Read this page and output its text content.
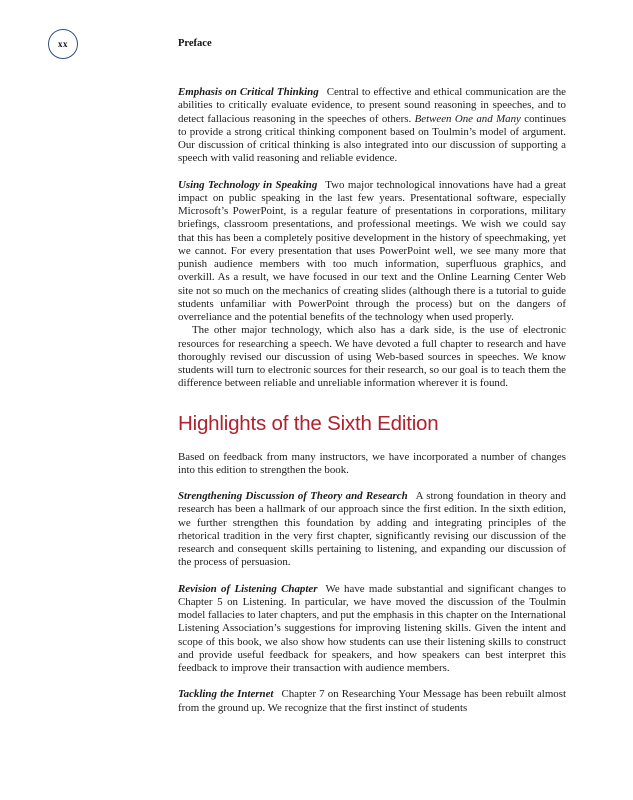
xx	Preface

Emphasis on Critical Thinking Central to effective and ethical communication are the abilities to critically evaluate evidence, to present sound reasoning in speeches, and to detect fallacious reasoning in the speeches of others. Between One and Many continues to provide a strong critical thinking component based on Toulmin’s model of argument. Our discussion of critical thinking is also integrated into our discussion of supporting a speech with valid reasoning and reliable evidence.

Using Technology in Speaking Two major technological innovations have had a great impact on public speaking in the last few years. Presentational software, especially Microsoft’s PowerPoint, is a regular feature of presentations in corporations, military briefings, classroom presentations, and professional meetings. We wish we could say that this has been a completely positive development in the history of speechmaking, yet we cannot. For every presentation that uses PowerPoint well, we see many more that punish audience members with too much information, superfluous graphics, and overkill. As a result, we have focused in our text and the Online Learning Center Web site not so much on the mechanics of creating slides (although there is a tutorial to guide students unfamiliar with PowerPoint through the process) but on the dangers of overreliance and the potential benefits of the technology when used properly.

The other major technology, which also has a dark side, is the use of electronic resources for researching a speech. We have devoted a full chapter to research and have thoroughly revised our discussion of using Web-based sources in speeches. We know students will turn to electronic sources for their research, so our goal is to teach them the difference between reliable and unreliable information wherever it is found.

Highlights of the Sixth Edition

Based on feedback from many instructors, we have incorporated a number of changes into this edition to strengthen the book.

Strengthening Discussion of Theory and Research A strong foundation in theory and research has been a hallmark of our approach since the first edition. In the sixth edition, we further strengthen this foundation by adding and integrating principles of the rhetorical tradition in the very first chapter, significantly revising our discussion of the research and consequent skills pertaining to listening, and expanding our discussion of the process of persuasion.

Revision of Listening Chapter We have made substantial and significant changes to Chapter 5 on Listening. In particular, we have moved the discussion of the Toulmin model fallacies to later chapters, and put the emphasis in this chapter on the International Listening Association’s suggestions for improving listening skills. Given the intent and scope of this book, we also show how students can use their listening skills to construct and provide useful feedback for speakers, and how speakers can best interpret this feedback to improve their transaction with audience members.

Tackling the Internet Chapter 7 on Researching Your Message has been rebuilt almost from the ground up. We recognize that the first instinct of students
